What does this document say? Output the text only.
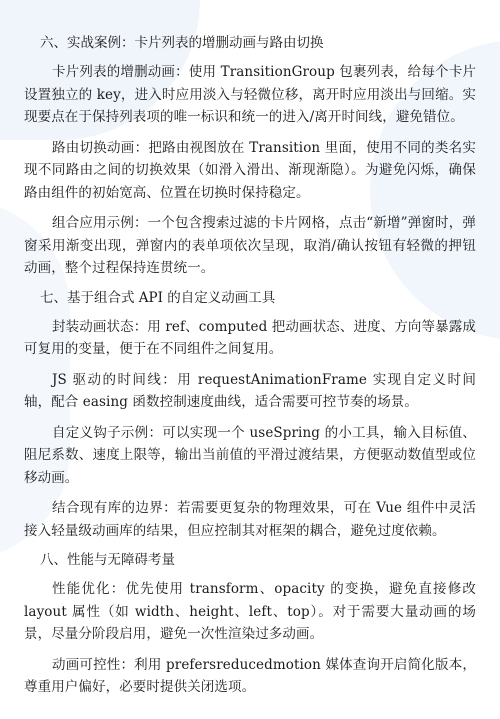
六、实战案例：卡片列表的增删动画与路由切换

卡片列表的增删动画：使用 TransitionGroup 包裹列表，给每个卡片设置独立的 key，进入时应用淡入与轻微位移，离开时应用淡出与回缩。实现要点在于保持列表项的唯一标识和统一的进入/离开时间线，避免错位。

路由切换动画：把路由视图放在 Transition 里面，使用不同的类名实现不同路由之间的切换效果（如滑入滑出、渐现渐隐）。为避免闪烁，确保路由组件的初始宽高、位置在切换时保持稳定。

组合应用示例：一个包含搜索过滤的卡片网格，点击“新增”弹窗时，弹窗采用渐变出现，弹窗内的表单项依次呈现，取消/确认按钮有轻微的押钮动画，整个过程保持连贯统一。

七、基于组合式 API 的自定义动画工具

封装动画状态：用 ref、computed 把动画状态、进度、方向等暴露成可复用的变量，便于在不同组件之间复用。

JS 驱动的时间线：用 requestAnimationFrame 实现自定义时间轴，配合 easing 函数控制速度曲线，适合需要可控节奏的场景。

自定义钩子示例：可以实现一个 useSpring 的小工具，输入目标值、阻尼系数、速度上限等，输出当前值的平滑过渡结果，方便驱动数值型或位移动画。

结合现有库的边界：若需要更复杂的物理效果，可在 Vue 组件中灵活接入轻量级动画库的结果，但应控制其对框架的耦合，避免过度依赖。

八、性能与无障碍考量

性能优化：优先使用 transform、opacity 的变换，避免直接修改 layout 属性（如 width、height、left、top）。对于需要大量动画的场景，尽量分阶段启用，避免一次性渲染过多动画。

动画可控性：利用 prefersreducedmotion 媒体查询开启简化版本，尊重用户偏好，必要时提供关闭选项。
